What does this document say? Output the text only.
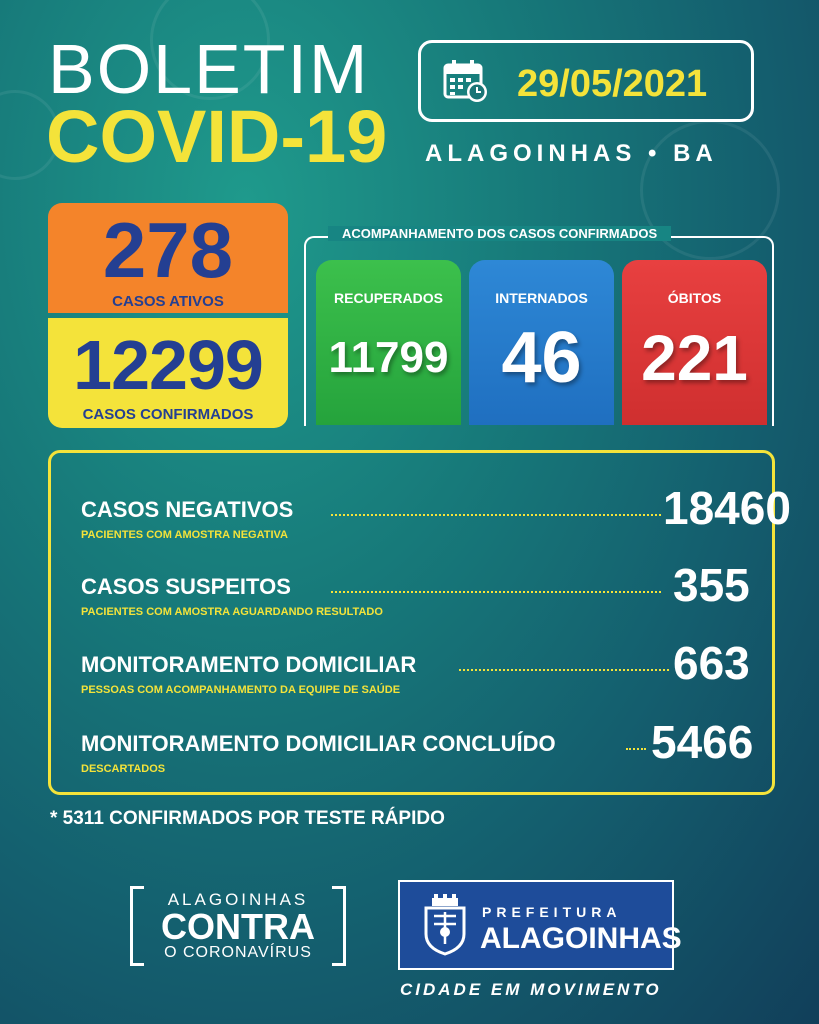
BOLETIM
COVID-19
29/05/2021
ALAGOINHAS • BA
278
CASOS ATIVOS
12299
CASOS CONFIRMADOS
ACOMPANHAMENTO DOS CASOS CONFIRMADOS
RECUPERADOS
11799
INTERNADOS
46
ÓBITOS
221
CASOS NEGATIVOS	18460
PACIENTES COM AMOSTRA NEGATIVA
CASOS SUSPEITOS	355
PACIENTES COM AMOSTRA AGUARDANDO RESULTADO
MONITORAMENTO DOMICILIAR	663
PESSOAS COM ACOMPANHAMENTO DA EQUIPE DE SAÚDE
MONITORAMENTO DOMICILIAR CONCLUÍDO 5466
DESCARTADOS
* 5311 CONFIRMADOS POR TESTE RÁPIDO
ALAGOINHAS
CONTRA
O CORONAVÍRUS
PREFEITURA
ALAGOINHAS
CIDADE EM MOVIMENTO
